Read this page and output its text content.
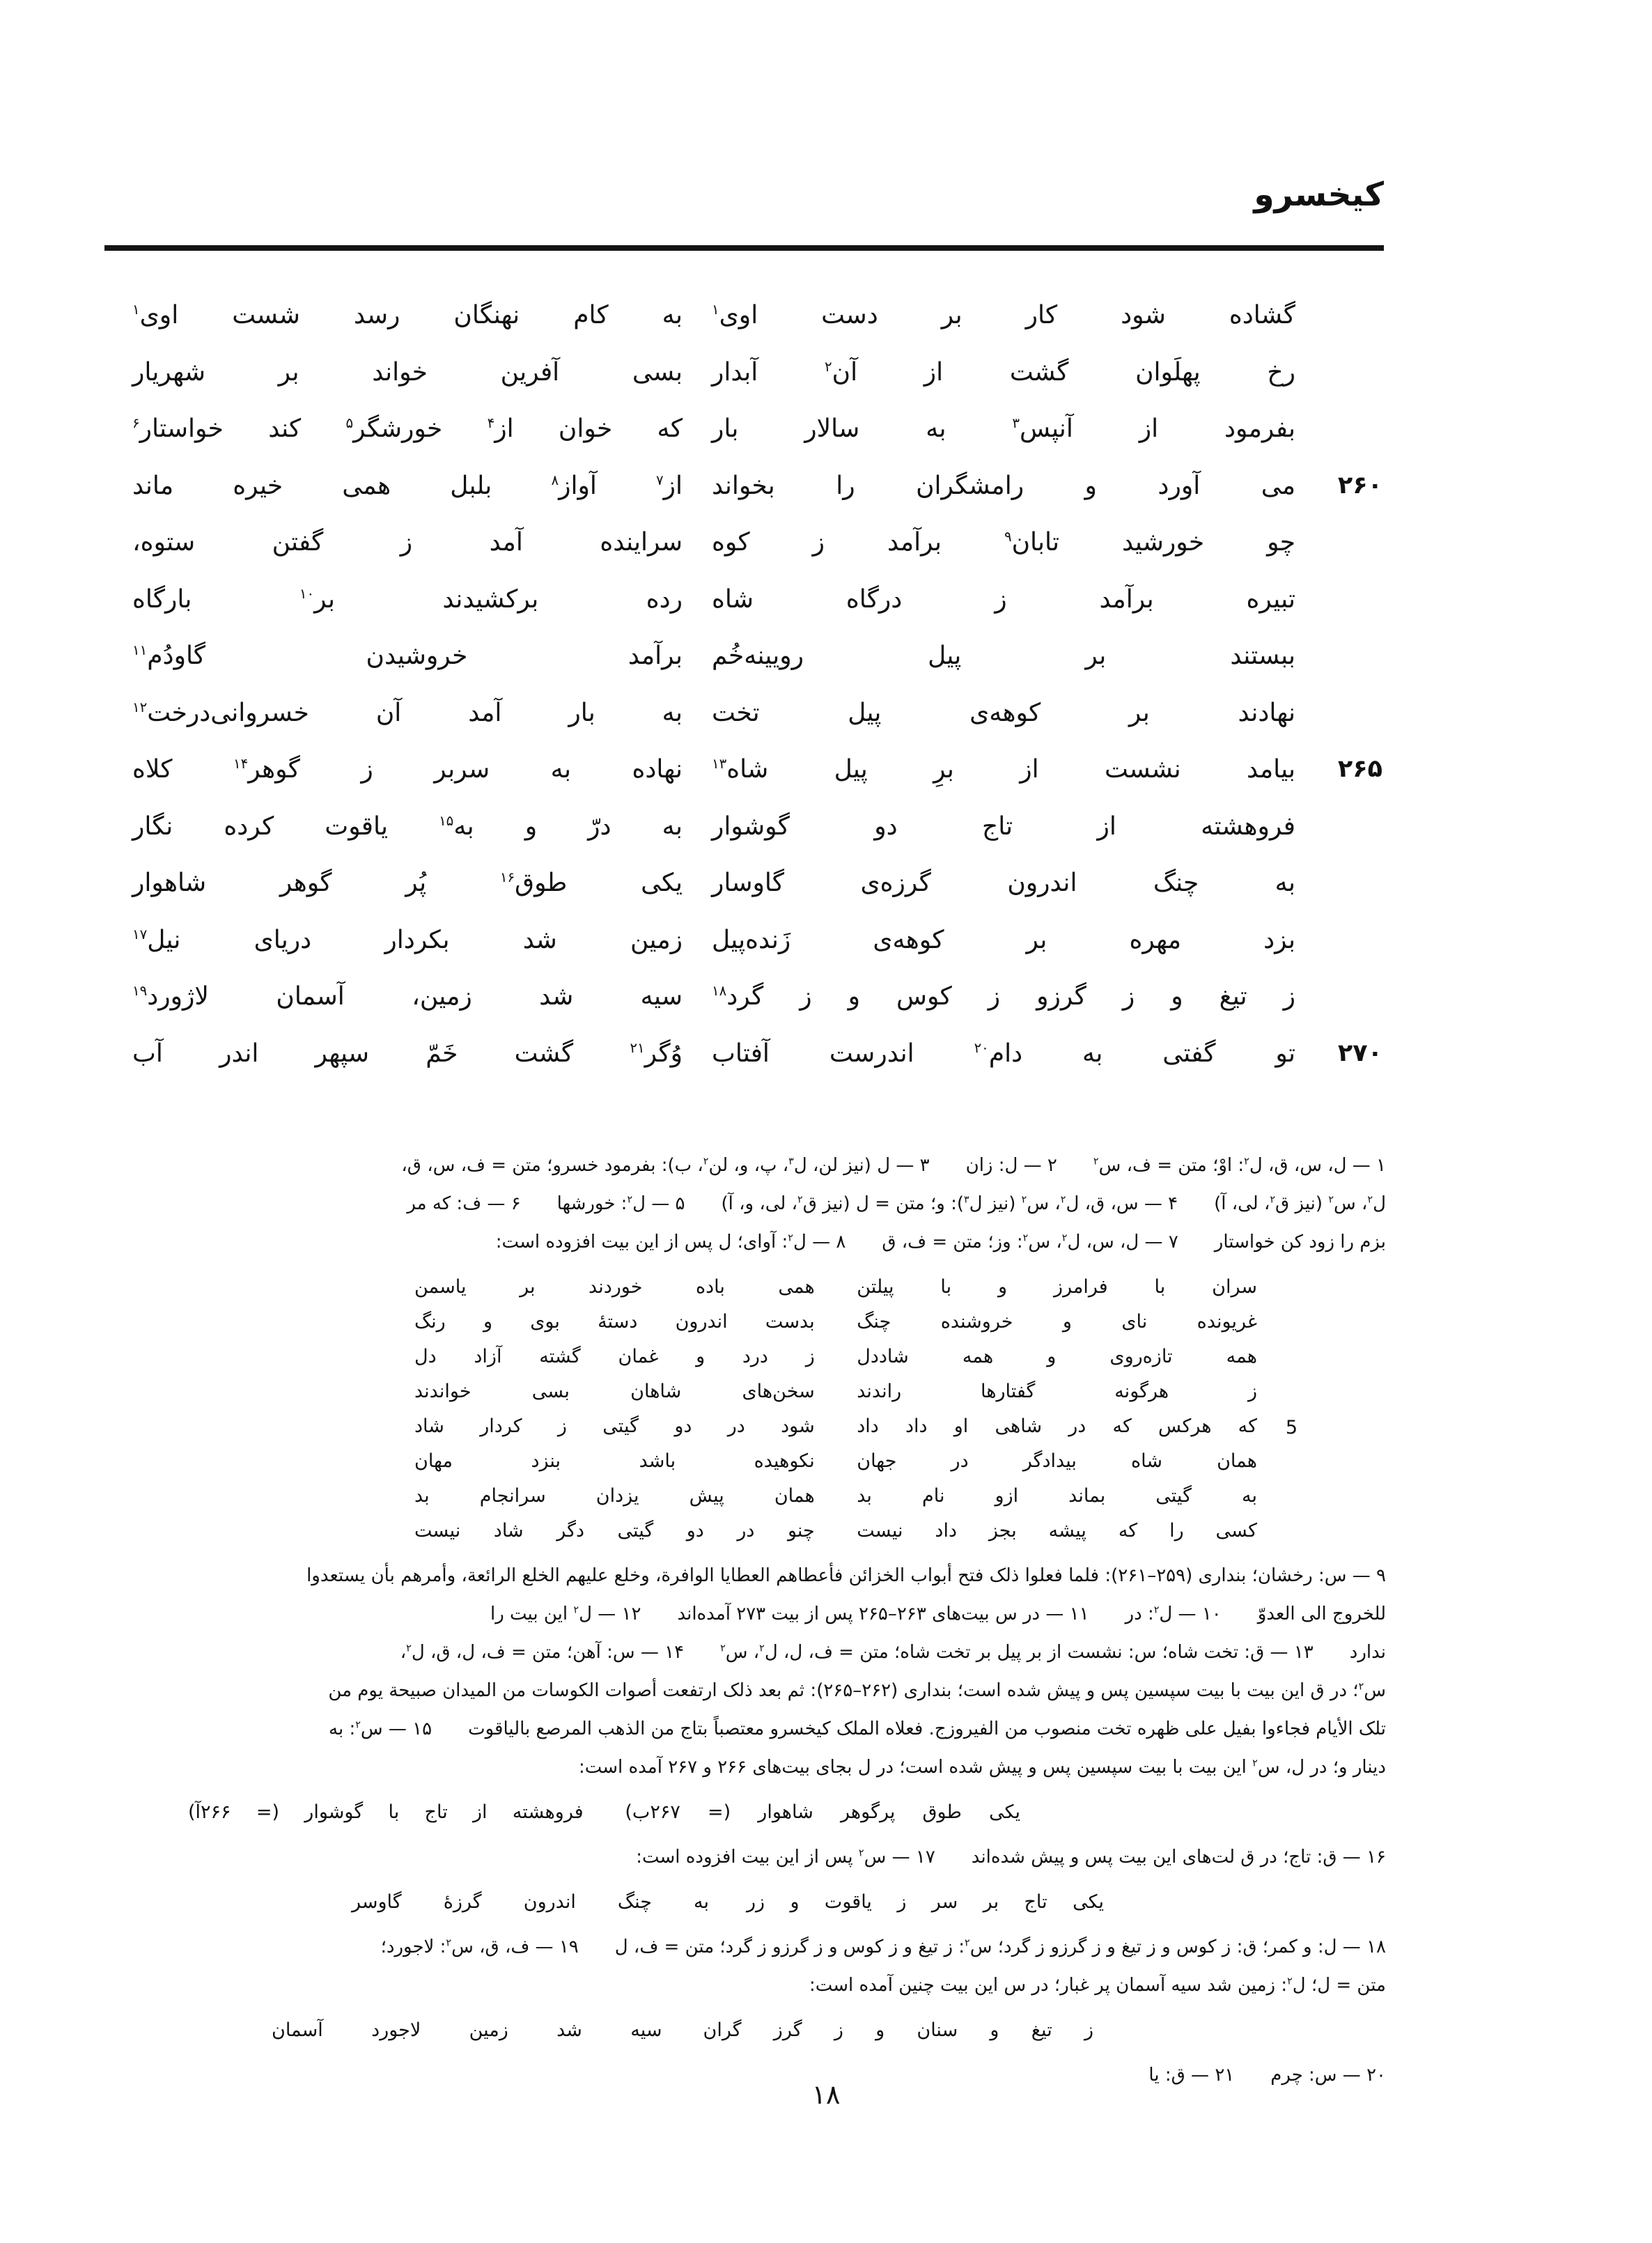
کیخسرو
گشاده شود کار بر دست اوی$^۱$
به کام نهنگان رسد شست اوی$^۱$
رخ پهلَوان گشت از آن$^۲$ آبدار
بسی آفرین خواند بر شهریار
بفرمود از آنپس$^۳$ به سالار بار
که خوان از$^۴$ خورشگر$^۵$ کند خواستار$^۶$
۲۶۰
می آورد و رامشگران را بخواند
از$^۷$ آواز$^۸$ بلبل همی خیره ماند
چو خورشید تابان$^۹$ برآمد ز کوه
سراینده آمد ز گفتن ستوه،
تبیره برآمد ز درگاه شاه
رده برکشیدند بر$^{۱۰}$ بارگاه
ببستند بر پیل رویینه‌خُم
برآمد خروشیدن گاودُم$^{۱۱}$
نهادند بر کوهه‌ی پیل تخت
به بار آمد آن خسروانی‌درخت$^{۱۲}$
۲۶۵
بیامد نشست از برِ پیل شاه$^{۱۳}$
نهاده به سربر ز گوهر$^{۱۴}$ کلاه
فروهشته از تاج دو گوشوار
به درّ و به$^{۱۵}$ یاقوت کرده نگار
به چنگ اندرون گرزه‌ی گاوسار
یکی طوق$^{۱۶}$ پُر گوهر شاهوار
بزد مهره بر کوهه‌ی زَنده‌پیل
زمین شد بکردار دریای نیل$^{۱۷}$
ز تیغ و ز گرزو ز کوس و ز گرد$^{۱۸}$
سیه شد زمین، آسمان لاژورد$^{۱۹}$
۲۷۰
تو گفتی به دام$^{۲۰}$ اندرست آفتاب
وُگر$^{۲۱}$ گشت خَمّ سپهر اندر آب
۱ — ل، س، ق، ل$^۲$: اوْ؛ متن = ف، س$^۲$  ۲ — ل: زان  ۳ — ل (نیز لن، ل$^۳$، پ، و، لن$^۲$، ب): بفرمود خسرو؛ متن = ف، س، ق،
ل$^۲$، س$^۲$ (نیز ق$^۲$، لی، آ)  ۴ — س، ق، ل$^۲$، س$^۲$ (نیز ل$^۳$): و؛ متن = ل (نیز ق$^۲$، لی، و، آ)  ۵ — ل$^۲$: خورشها  ۶ — ف: که مر
بزم را زود کن خواستار  ۷ — ل، س، ل$^۲$، س$^۲$: وز؛ متن = ف، ق  ۸ — ل$^۲$: آوای؛ ل پس از این بیت افزوده است:
سران با فرامرز و با پیلتن
همی باده خوردند بر یاسمن
غریونده نای و خروشنده چنگ
بدست اندرون دستۀ بوی و رنگ
همه تازه‌روی و همه شاددل
ز درد و غمان گشته آزاد دل
ز هرگونه گفتارها راندند
سخن‌های شاهان بسی خواندند
که هرکس که در شاهی او داد داد
شود در دو گیتی ز کردار شاد	5
همان شاه بیدادگر در جهان
نکوهیده باشد بنزد مهان
به گیتی بماند ازو نام بد
همان پیش یزدان سرانجام بد
کسی را که پیشه بجز داد نیست
چنو در دو گیتی دگر شاد نیست
۹ — س: رخشان؛ بنداری (۲۵۹–۲۶۱): فلما فعلوا ذلک فتح أبواب الخزائن فأعطاهم العطایا الوافرة، وخلع علیهم الخلع الرائعة، وأمرهم بأن یستعدوا
للخروج الی العدوّ  ۱۰ — ل$^۲$: در  ۱۱ — در س بیت‌های ۲۶۳–۲۶۵ پس از بیت ۲۷۳ آمده‌اند  ۱۲ — ل$^۲$ این بیت را
ندارد  ۱۳ — ق: تخت شاه؛ س: نشست از بر پیل بر تخت شاه؛ متن = ف، ل، ل$^۲$، س$^۲$  ۱۴ — س: آهن؛ متن = ف، ل، ق، ل$^۲$،
س$^۲$؛ در ق این بیت با بیت سپسین پس و پیش شده است؛ بنداری (۲۶۲–۲۶۵): ثم بعد ذلک ارتفعت أصوات الکوسات من المیدان صبیحة یوم من
تلک الأیام فجاءوا بفیل علی ظهره تخت منصوب من الفیروزج. فعلاه الملک کیخسرو معتصباً بتاج من الذهب المرصع بالیاقوت  ۱۵ — س$^۲$: به
دینار و؛ در ل، س$^۲$ این بیت با بیت سپسین پس و پیش شده است؛ در ل بجای بیت‌های ۲۶۶ و ۲۶۷ آمده است:
یکی طوق پرگوهر شاهوار (= ۲۶۷ب)
فروهشته از تاج با گوشوار (= ۲۶۶آ)
۱۶ — ق: تاج؛ در ق لت‌های این بیت پس و پیش شده‌اند  ۱۷ — س$^۲$ پس از این بیت افزوده است:
یکی تاج بر سر ز یاقوت و زر
به چنگ اندرون گرزۀ گاوسر
۱۸ — ل: و کمر؛ ق: ز کوس و ز تیغ و ز گرزو ز گرد؛ س$^۲$: ز تیغ و ز کوس و ز گرزو ز گرد؛ متن = ف، ل  ۱۹ — ف، ق، س$^۲$: لاجورد؛
متن = ل؛ ل$^۲$: زمین شد سیه آسمان پر غبار؛ در س این بیت چنین آمده است:
ز تیغ و سنان و ز گرز گران
سیه شد زمین لاجورد آسمان
۲۰ — س: چرم  ۲۱ — ق: یا
۱۸
